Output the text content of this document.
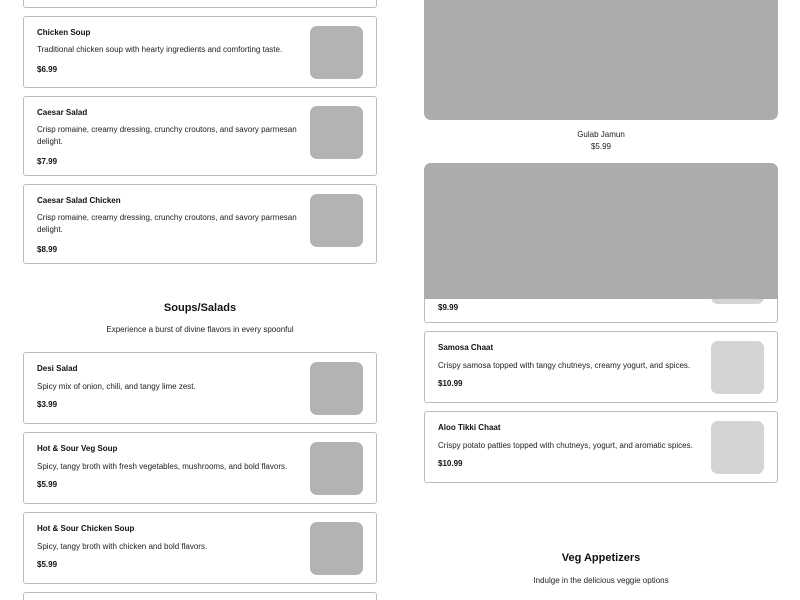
Chicken Soup
Traditional chicken soup with hearty ingredients and comforting taste.
$6.99
Caesar Salad
Crisp romaine, creamy dressing, crunchy croutons, and savory parmesan delight.
$7.99
Caesar Salad Chicken
Crisp romaine, creamy dressing, crunchy croutons, and savory parmesan delight.
$8.99
Soups/Salads
Experience a burst of divine flavors in every spoonful
Desi Salad
Spicy mix of onion, chili, and tangy lime zest.
$3.99
Hot & Sour Veg Soup
Spicy, tangy broth with fresh vegetables, mushrooms, and bold flavors.
$5.99
Hot & Sour Chicken Soup
Spicy, tangy broth with chicken and bold flavors.
$5.99
Gulab Jamun
$5.99
$9.99
Samosa Chaat
Crispy samosa topped with tangy chutneys, creamy yogurt, and spices.
$10.99
Aloo Tikki Chaat
Crispy potato patties topped with chutneys, yogurt, and aromatic spices.
$10.99
Veg Appetizers
Indulge in the delicious veggie options
